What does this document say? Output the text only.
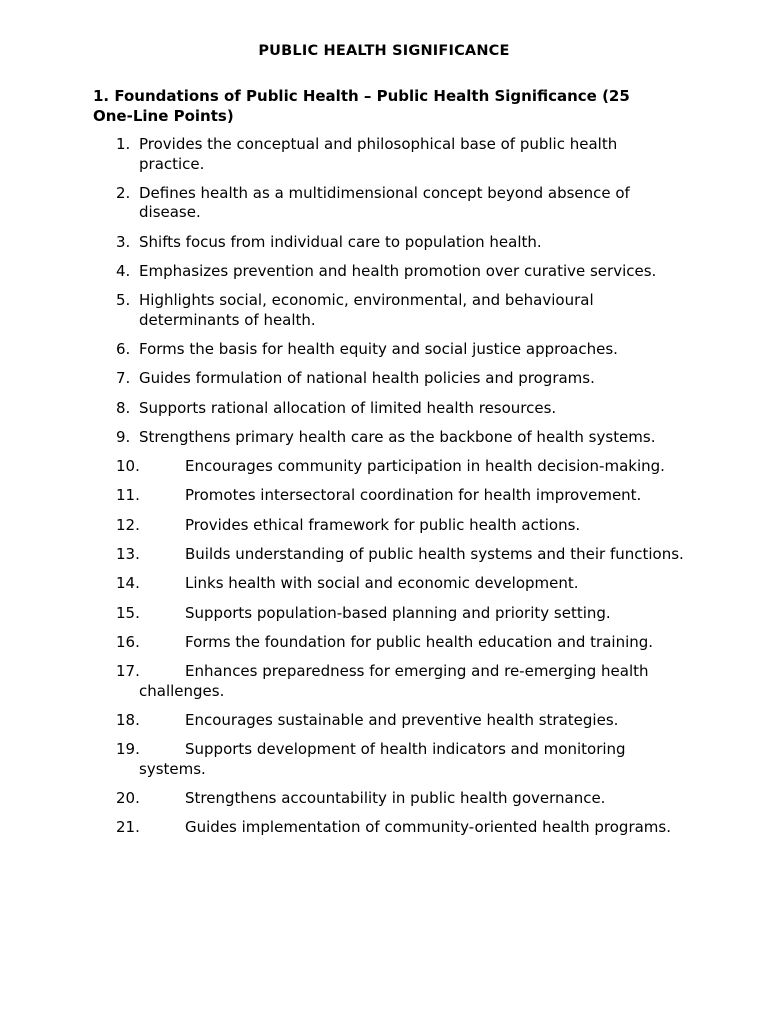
PUBLIC HEALTH SIGNIFICANCE
1. Foundations of Public Health – Public Health Significance (25 One-Line Points)
1. Provides the conceptual and philosophical base of public health practice.
2. Defines health as a multidimensional concept beyond absence of disease.
3. Shifts focus from individual care to population health.
4. Emphasizes prevention and health promotion over curative services.
5. Highlights social, economic, environmental, and behavioural determinants of health.
6. Forms the basis for health equity and social justice approaches.
7. Guides formulation of national health policies and programs.
8. Supports rational allocation of limited health resources.
9. Strengthens primary health care as the backbone of health systems.
10.	Encourages community participation in health decision-making.
11.	Promotes intersectoral coordination for health improvement.
12.	Provides ethical framework for public health actions.
13.	Builds understanding of public health systems and their functions.
14.	Links health with social and economic development.
15.	Supports population-based planning and priority setting.
16.	Forms the foundation for public health education and training.
17.	Enhances preparedness for emerging and re-emerging health challenges.
18.	Encourages sustainable and preventive health strategies.
19.	Supports development of health indicators and monitoring systems.
20.	Strengthens accountability in public health governance.
21.	Guides implementation of community-oriented health programs.
